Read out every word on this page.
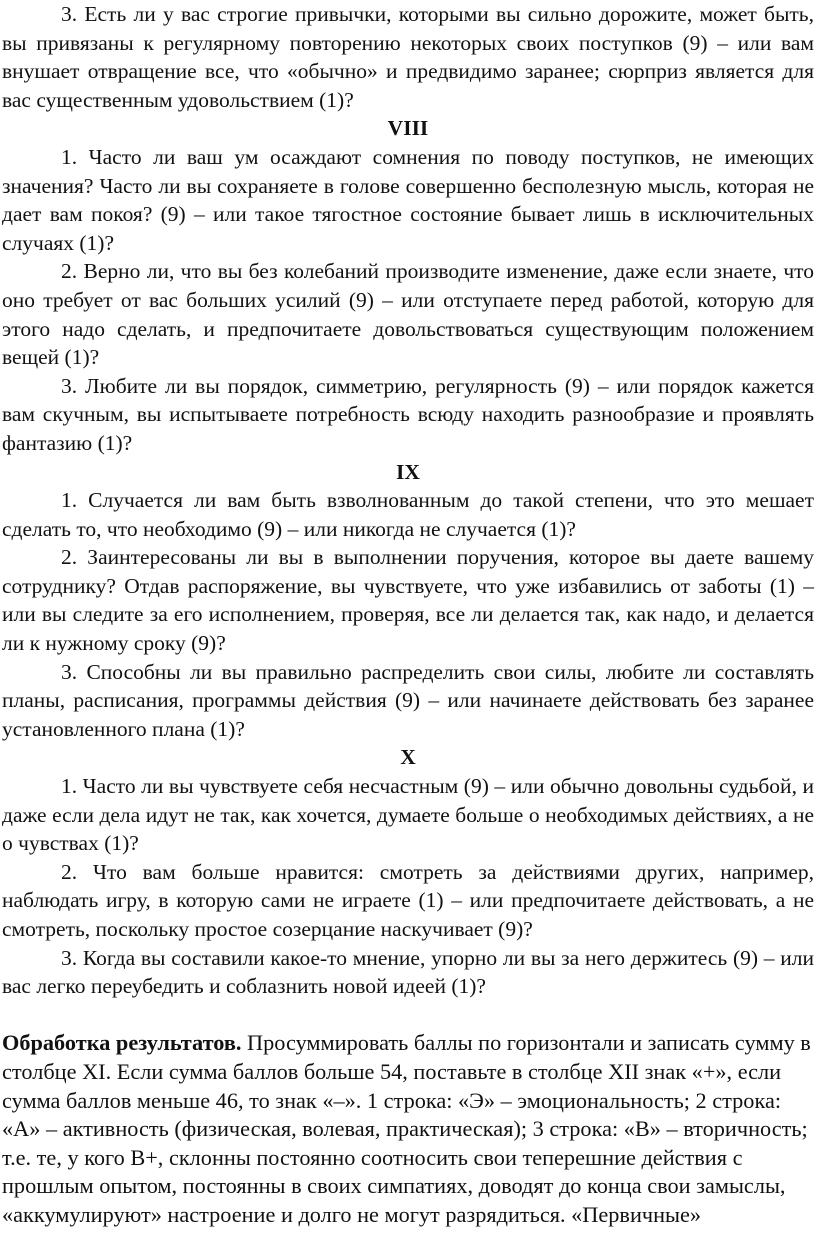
3. Есть ли у вас строгие привычки, которыми вы сильно дорожите, может быть, вы привязаны к регулярному повторению некоторых своих поступков (9) – или вам внушает отвращение все, что «обычно» и предвидимо заранее; сюрприз является для вас существенным удовольствием (1)?

VIII

1. Часто ли ваш ум осаждают сомнения по поводу поступков, не имеющих значения? Часто ли вы сохраняете в голове совершенно бесполезную мысль, которая не дает вам покоя? (9) – или такое тягостное состояние бывает лишь в исключительных случаях (1)?

2. Верно ли, что вы без колебаний производите изменение, даже если знаете, что оно требует от вас больших усилий (9) – или отступаете перед работой, которую для этого надо сделать, и предпочитаете довольствоваться существующим положением вещей (1)?

3. Любите ли вы порядок, симметрию, регулярность (9) – или порядок кажется вам скучным, вы испытываете потребность всюду находить разнообразие и проявлять фантазию (1)?

IX

1. Случается ли вам быть взволнованным до такой степени, что это мешает сделать то, что необходимо (9) – или никогда не случается (1)?

2. Заинтересованы ли вы в выполнении поручения, которое вы даете вашему сотруднику? Отдав распоряжение, вы чувствуете, что уже избавились от заботы (1) – или вы следите за его исполнением, проверяя, все ли делается так, как надо, и делается ли к нужному сроку (9)?

3. Способны ли вы правильно распределить свои силы, любите ли составлять планы, расписания, программы действия (9) – или начинаете действовать без заранее установленного плана (1)?

X

1. Часто ли вы чувствуете себя несчастным (9) – или обычно довольны судьбой, и даже если дела идут не так, как хочется, думаете больше о необходимых действиях, а не о чувствах (1)?

2. Что вам больше нравится: смотреть за действиями других, например, наблюдать игру, в которую сами не играете (1) – или предпочитаете действовать, а не смотреть, поскольку простое созерцание наскучивает (9)?

3. Когда вы составили какое-то мнение, упорно ли вы за него держитесь (9) – или вас легко переубедить и соблазнить новой идеей (1)?

Обработка результатов. Просуммировать баллы по горизонтали и записать сумму в столбце XI. Если сумма баллов больше 54, поставьте в столбце XII знак «+», если сумма баллов меньше 46, то знак «–». 1 строка: «Э» – эмоциональность; 2 строка: «А» – активность (физическая, волевая, практическая); 3 строка: «В» – вторичность; т.е. те, у кого В+, склонны постоянно соотносить свои теперешние действия с прошлым опытом, постоянны в своих симпатиях, доводят до конца свои замыслы, «аккумулируют» настроение и долго не могут разрядиться. «Первичные»
